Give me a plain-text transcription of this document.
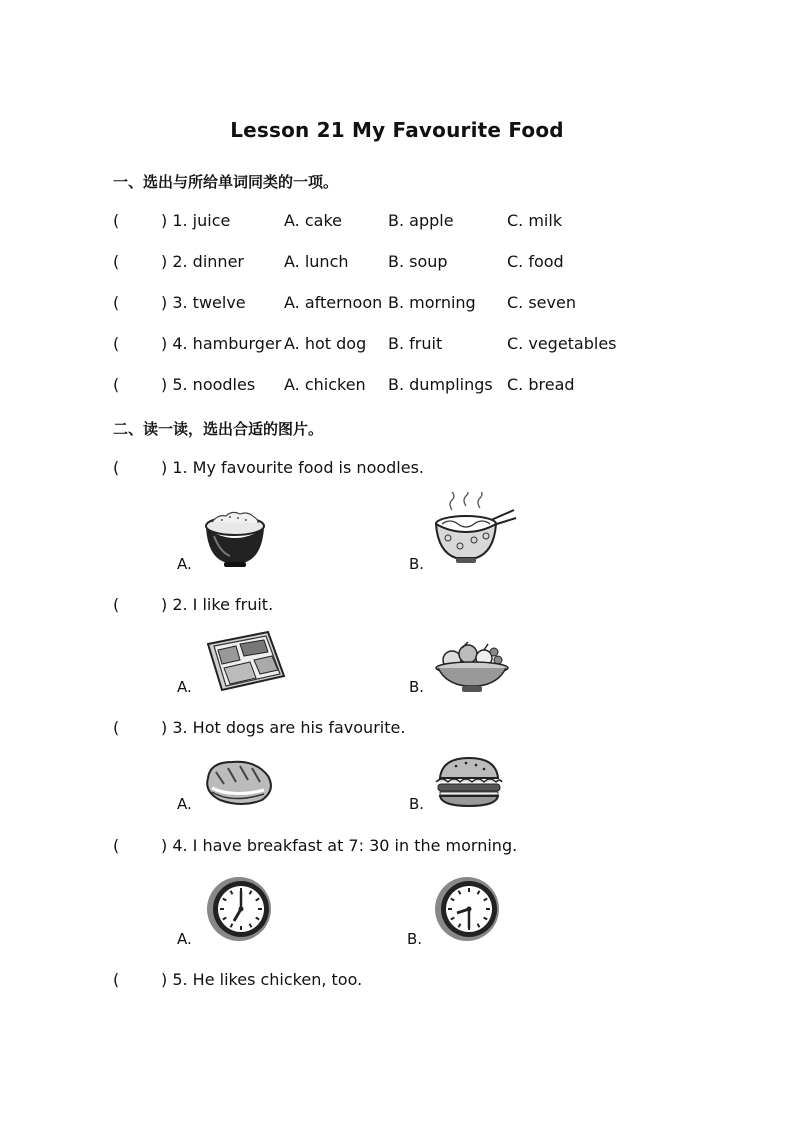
Lesson 21 My Favourite Food
一、选出与所给单词同类的一项。
(	) 1. juice	A. cake	B. apple	C. milk
(	) 2. dinner	A. lunch B. soup	C. food
(	) 3. twelve A. afternoon B. morning C. seven
(	) 4. hamburger A. hot dog B. fruit	C. vegetables
(	) 5. noodles A. chicken B. dumplings C. bread
二、读一读，选出合适的图片。
(	) 1. My favourite food is noodles.
A.	B.
(	) 2. I like fruit.
A.	B.
(	) 3. Hot dogs are his favourite.
A.	B.
(	) 4. I have breakfast at 7: 30 in the morning.
A.	B.
(	) 5. He likes chicken, too.
